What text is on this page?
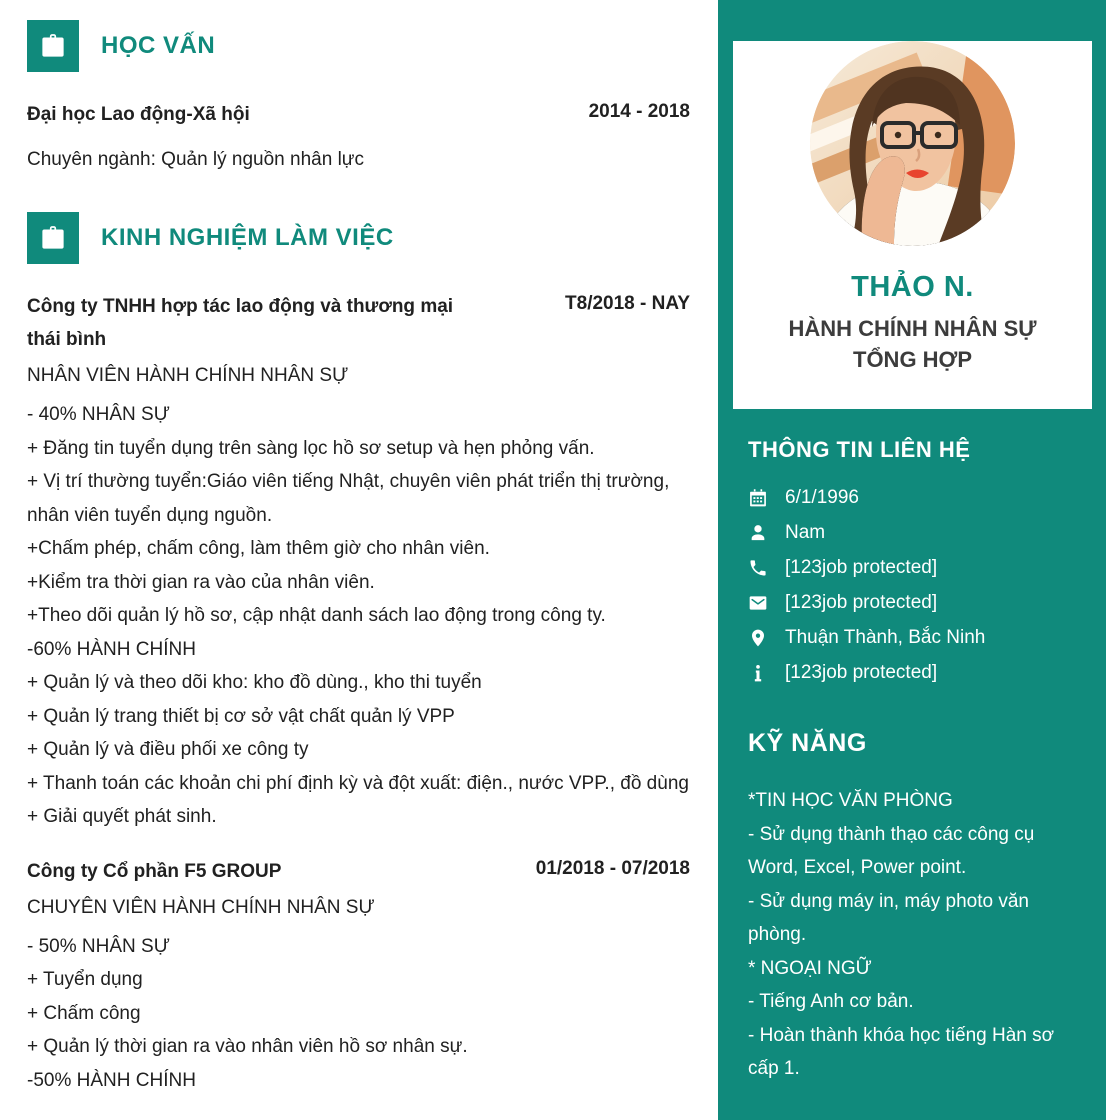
HỌC VẤN
Đại học Lao động-Xã hội	2014 - 2018
Chuyên ngành: Quản lý nguồn nhân lực
KINH NGHIỆM LÀM VIỆC
Công ty TNHH hợp tác lao động và thương mại thái bình
T8/2018 - NAY
NHÂN VIÊN HÀNH CHÍNH NHÂN SỰ
- 40% NHÂN SỰ
+ Đăng tin tuyển dụng trên sàng lọc hồ sơ setup và hẹn phỏng vấn.
+ Vị trí thường tuyển:Giáo viên tiếng Nhật, chuyên viên phát triển thị trường, nhân viên tuyển dụng nguồn.
+Chấm phép, chấm công, làm thêm giờ cho nhân viên.
+Kiểm tra thời gian ra vào của nhân viên.
+Theo dõi quản lý hồ sơ, cập nhật danh sách lao động trong công ty.
-60% HÀNH CHÍNH
+ Quản lý và theo dõi kho: kho đồ dùng., kho thi tuyển
+ Quản lý trang thiết bị cơ sở vật chất quản lý VPP
+ Quản lý và điều phối xe công ty
+ Thanh toán các khoản chi phí định kỳ và đột xuất: điện., nước VPP., đồ dùng
+ Giải quyết phát sinh.
Công ty Cổ phần F5 GROUP	01/2018 - 07/2018
CHUYÊN VIÊN HÀNH CHÍNH NHÂN SỰ
- 50% NHÂN SỰ
+ Tuyển dụng
+ Chấm công
+ Quản lý thời gian ra vào nhân viên hồ sơ nhân sự.
-50% HÀNH CHÍNH
THẢO N.
HÀNH CHÍNH NHÂN SỰ TỔNG HỢP
THÔNG TIN LIÊN HỆ
6/1/1996
Nam
[123job protected]
[123job protected]
Thuận Thành, Bắc Ninh
[123job protected]
KỸ NĂNG
*TIN HỌC VĂN PHÒNG
- Sử dụng thành thạo các công cụ Word, Excel, Power point.
- Sử dụng máy in, máy photo văn phòng.
* NGOẠI NGỮ
- Tiếng Anh cơ bản.
- Hoàn thành khóa học tiếng Hàn sơ cấp 1.
